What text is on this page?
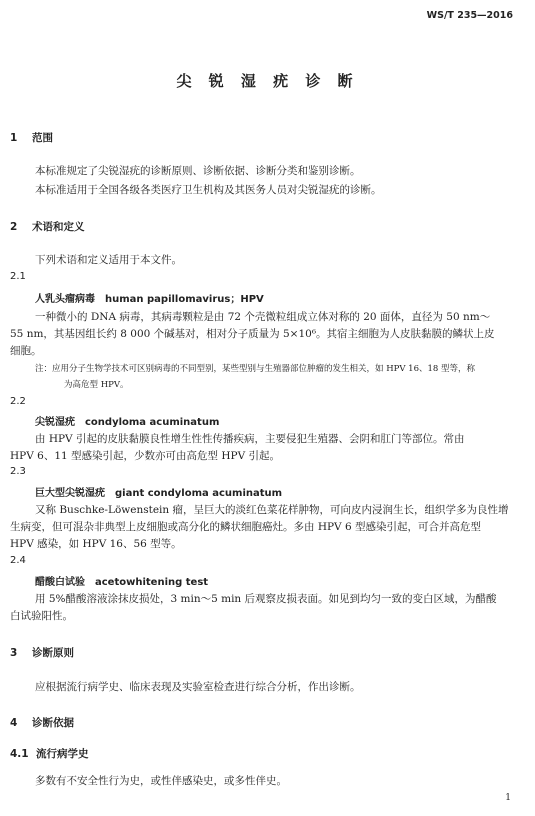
WS/T 235—2016
尖 锐 湿 疣 诊 断
1 范围
本标准规定了尖锐湿疣的诊断原则、诊断依据、诊断分类和鉴别诊断。
本标准适用于全国各级各类医疗卫生机构及其医务人员对尖锐湿疣的诊断。
2 术语和定义
下列术语和定义适用于本文件。
2.1
人乳头瘤病毒　human papillomavirus；HPV
一种微小的 DNA 病毒，其病毒颗粒是由 72 个壳微粒组成立体对称的 20 面体，直径为 50 nm～
55 nm，其基因组长约 8 000 个碱基对，相对分子质量为 5×10⁶。其宿主细胞为人皮肤黏膜的鳞状上皮
细胞。
注：应用分子生物学技术可区别病毒的不同型别，某些型别与生殖器部位肿瘤的发生相关，如 HPV 16、18 型等，称
为高危型 HPV。
2.2
尖锐湿疣　condyloma acuminatum
由 HPV 引起的皮肤黏膜良性增生性性传播疾病，主要侵犯生殖器、会阴和肛门等部位。常由
HPV 6、11 型感染引起，少数亦可由高危型 HPV 引起。
2.3
巨大型尖锐湿疣　giant condyloma acuminatum
又称 Buschke-Löwenstein 瘤，呈巨大的淡红色菜花样肿物，可向皮内浸润生长，组织学多为良性增
生病变，但可混杂非典型上皮细胞或高分化的鳞状细胞癌灶。多由 HPV 6 型感染引起，可合并高危型
HPV 感染，如 HPV 16、56 型等。
2.4
醋酸白试验　acetowhitening test
用 5%醋酸溶液涂抹皮损处，3 min～5 min 后观察皮损表面。如见到均匀一致的变白区域，为醋酸
白试验阳性。
3 诊断原则
应根据流行病学史、临床表现及实验室检查进行综合分析，作出诊断。
4 诊断依据
4.1 流行病学史
多数有不安全性行为史，或性伴感染史，或多性伴史。
1
